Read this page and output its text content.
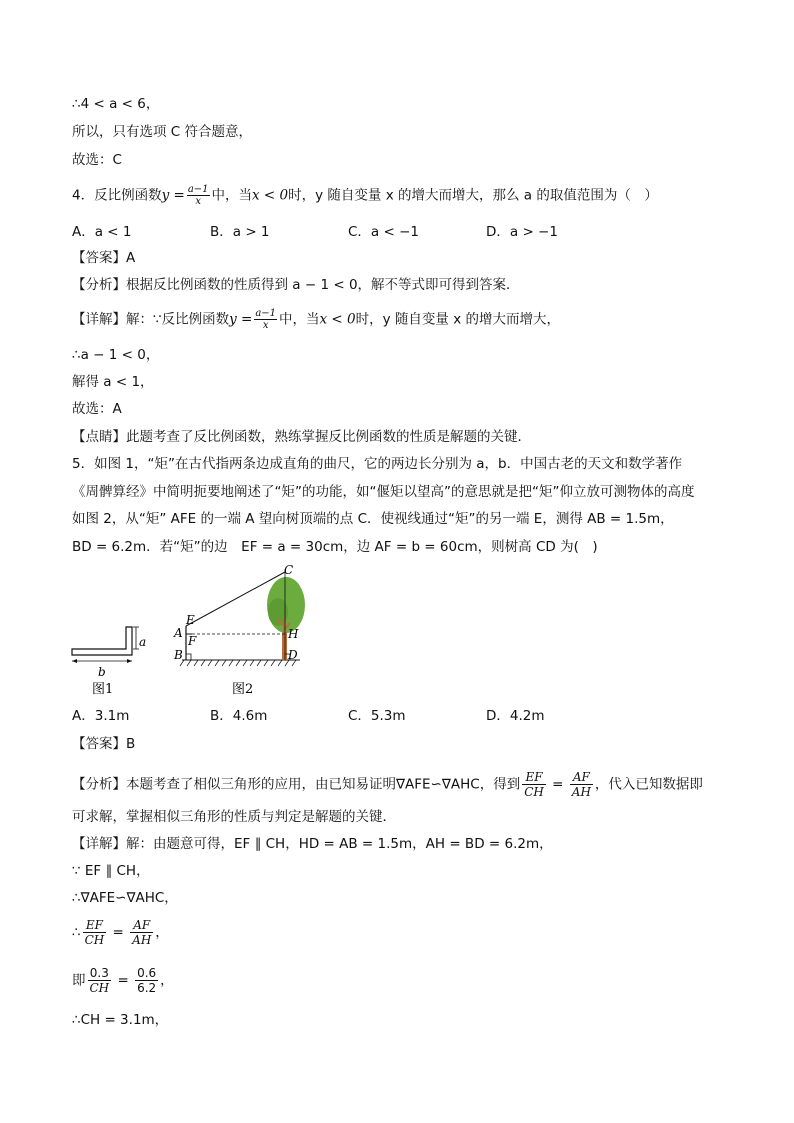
∴4 < a < 6，
所以，只有选项 C 符合题意，
故选：C
4．反比例函数$y = \frac{a-1}{x}$ 中，当x < 0时，y 随自变量 x 的增大而增大，那么 a 的取值范围为（　）
A．a < 1	B．a > 1	C．a < −1	D．a > −1
【答案】A
【分析】根据反比例函数的性质得到 a − 1 < 0，解不等式即可得到答案．
【详解】解：∵反比例函数$y = \frac{a-1}{x}$ 中，当x < 0时，y 随自变量 x 的增大而增大，
∴a − 1 < 0，
解得 a < 1，
故选：A
【点睛】此题考查了反比例函数，熟练掌握反比例函数的性质是解题的关键．
5．如图 1，“矩”在古代指两条边成直角的曲尺，它的两边长分别为 a，b．中国古老的天文和数学著作
《周髀算经》中简明扼要地阐述了“矩”的功能，如“偃矩以望高”的意思就是把“矩”仰立放可测物体的高度
如图 2，从“矩” AFE 的一端 A 望向树顶端的点 C．使视线通过“矩”的另一端 E，测得 AB = 1.5m，
BD = 6.2m．若“矩”的边　EF = a = 30cm，边 AF = b = 60cm，则树高 CD 为(　)
a
b
图1
C
E
A
F
B
H
D
图2
A．3.1m	B．4.6m	C．5.3m	D．4.2m
【答案】B
【分析】本题考查了相似三角形的应用，由已知易证明∇AFE∽∇AHC，得到 $\frac{EF}{CH} = \frac{AF}{AH}$ ，代入已知数据即
可求解，掌握相似三角形的性质与判定是解题的关键．
【详解】解：由题意可得，EF ∥ CH，HD = AB = 1.5m，AH = BD = 6.2m，
∵ EF ∥ CH，
∴∇AFE∽∇AHC，
∴ $\frac{EF}{CH} = \frac{AF}{AH}$ ，
即 $\frac{0.3}{CH} = \frac{0.6}{6.2}$ ，
∴CH = 3.1m，
